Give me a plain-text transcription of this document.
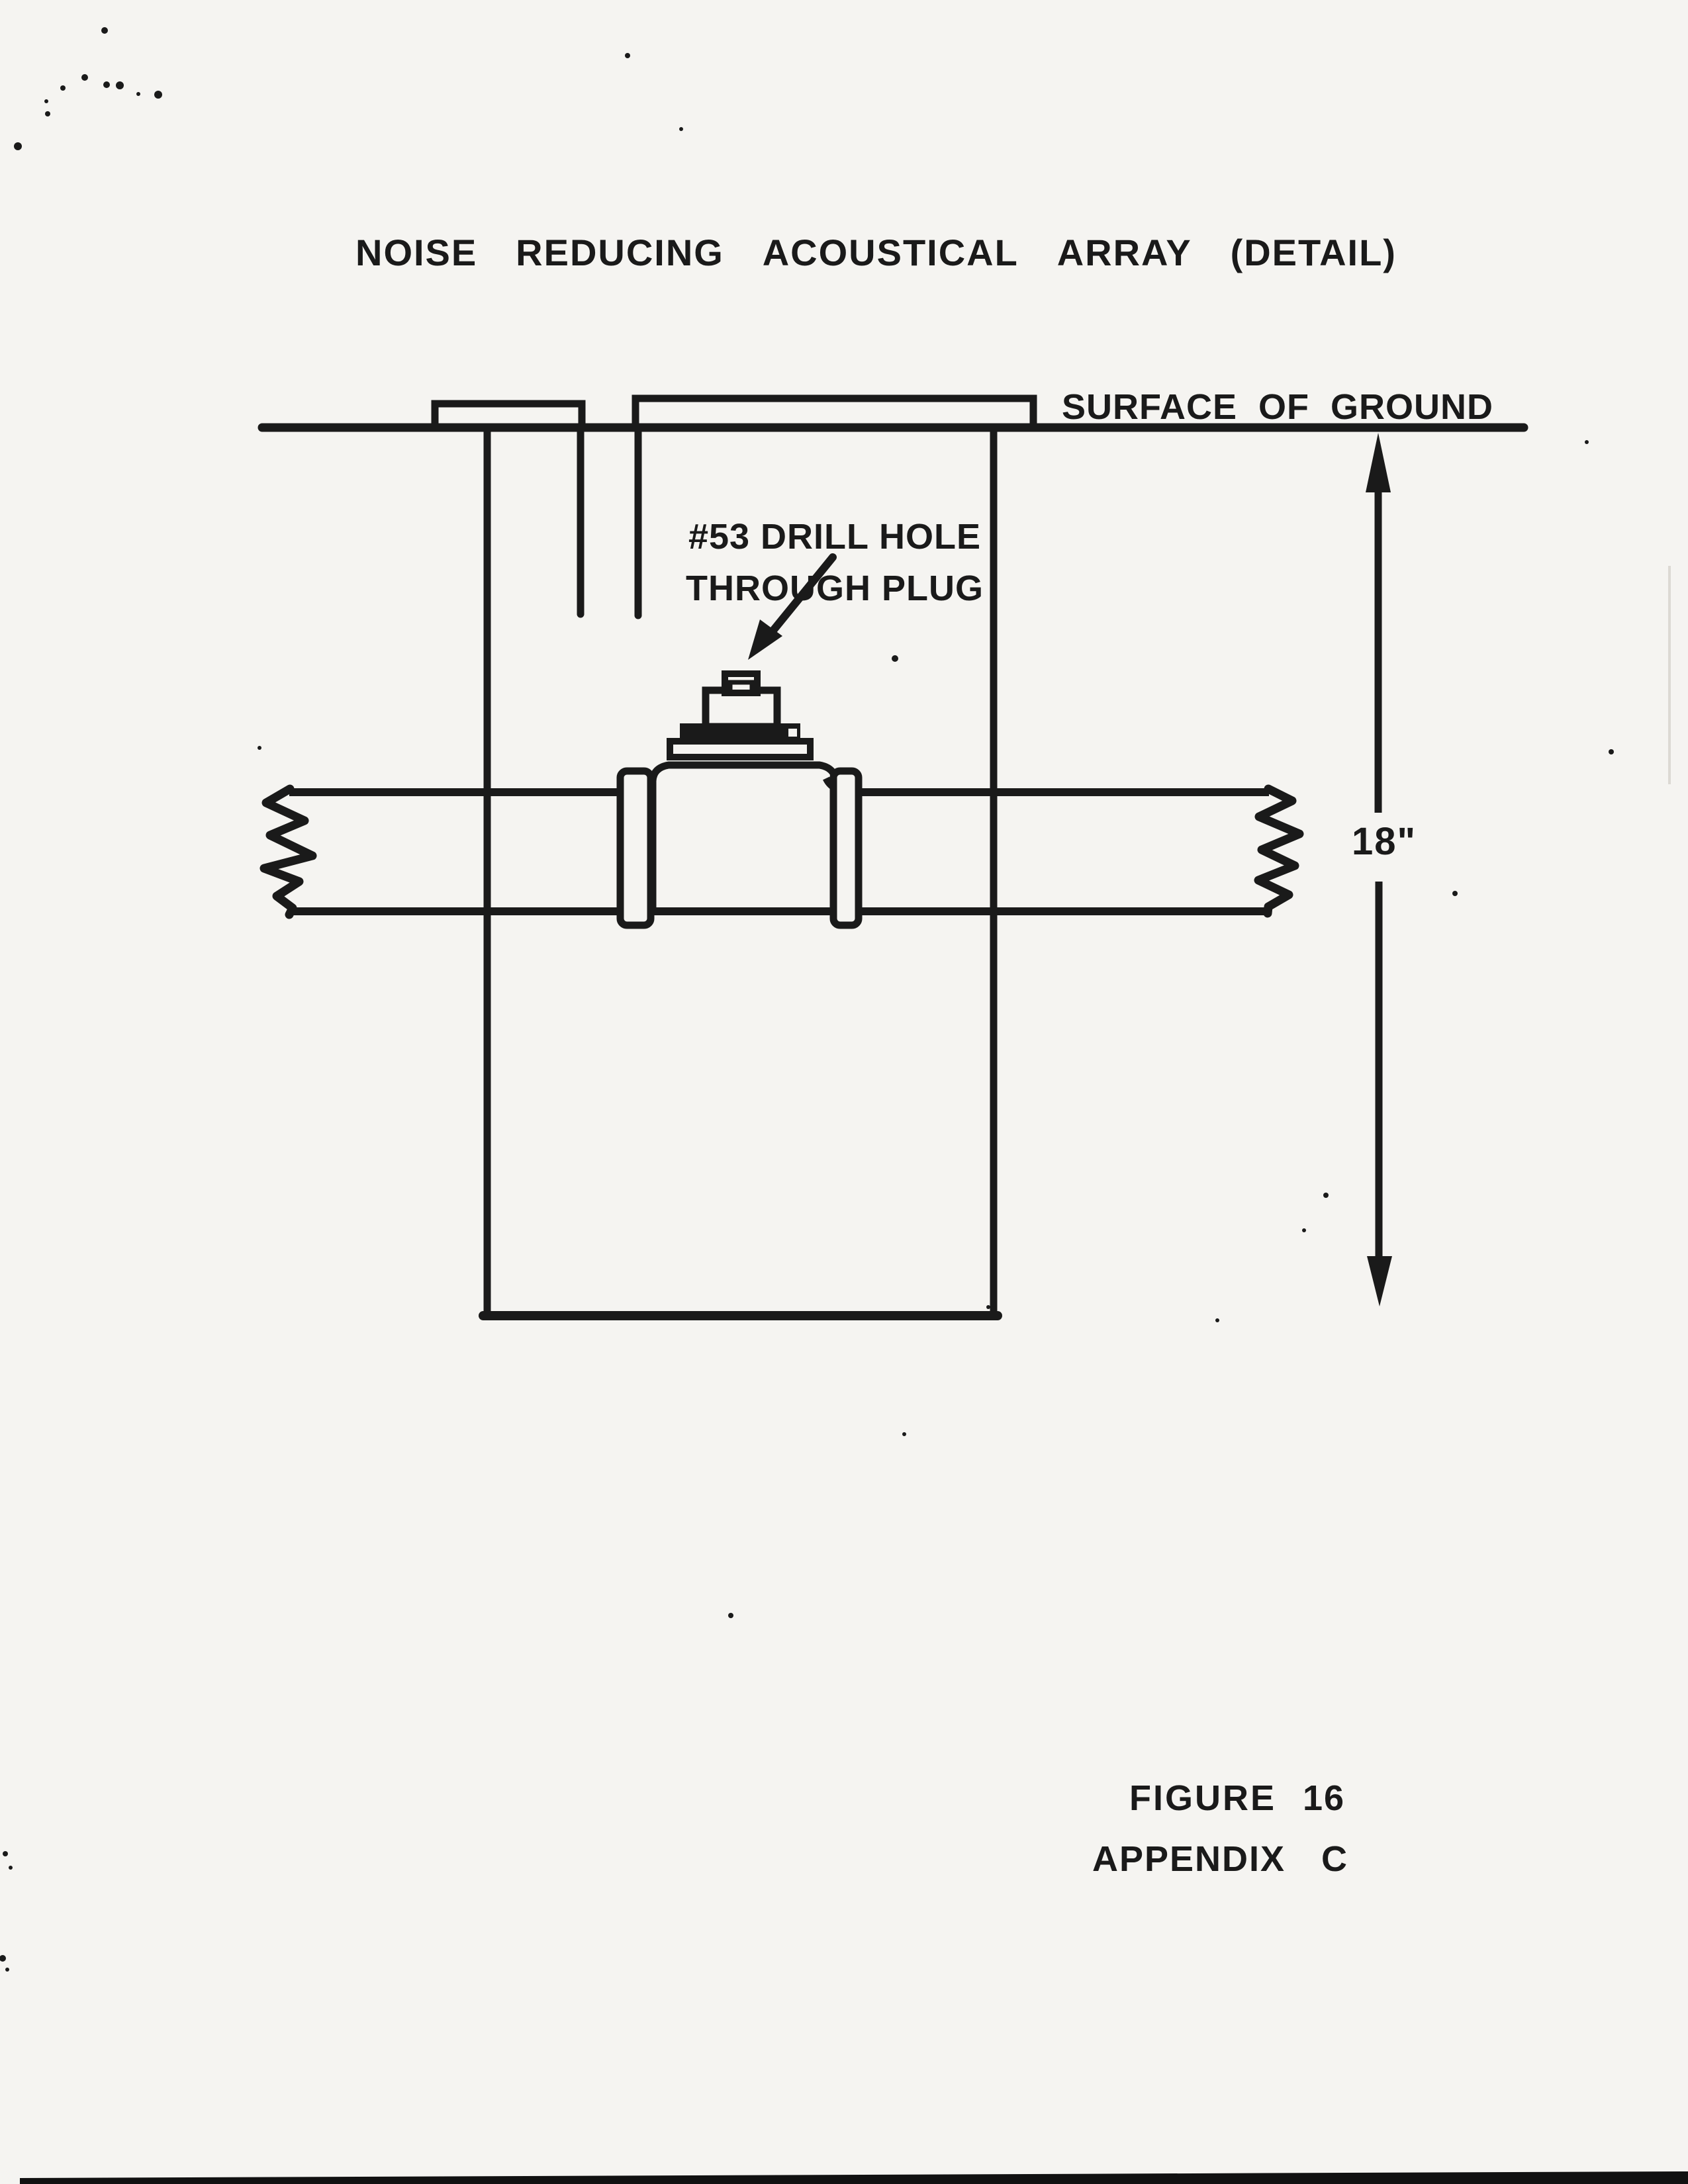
NOISE REDUCING ACOUSTICAL ARRAY (DETAIL)
SURFACE OF GROUND
#53 DRILL HOLE
THROUGH PLUG
18"
FIGURE 16
APPENDIX C
